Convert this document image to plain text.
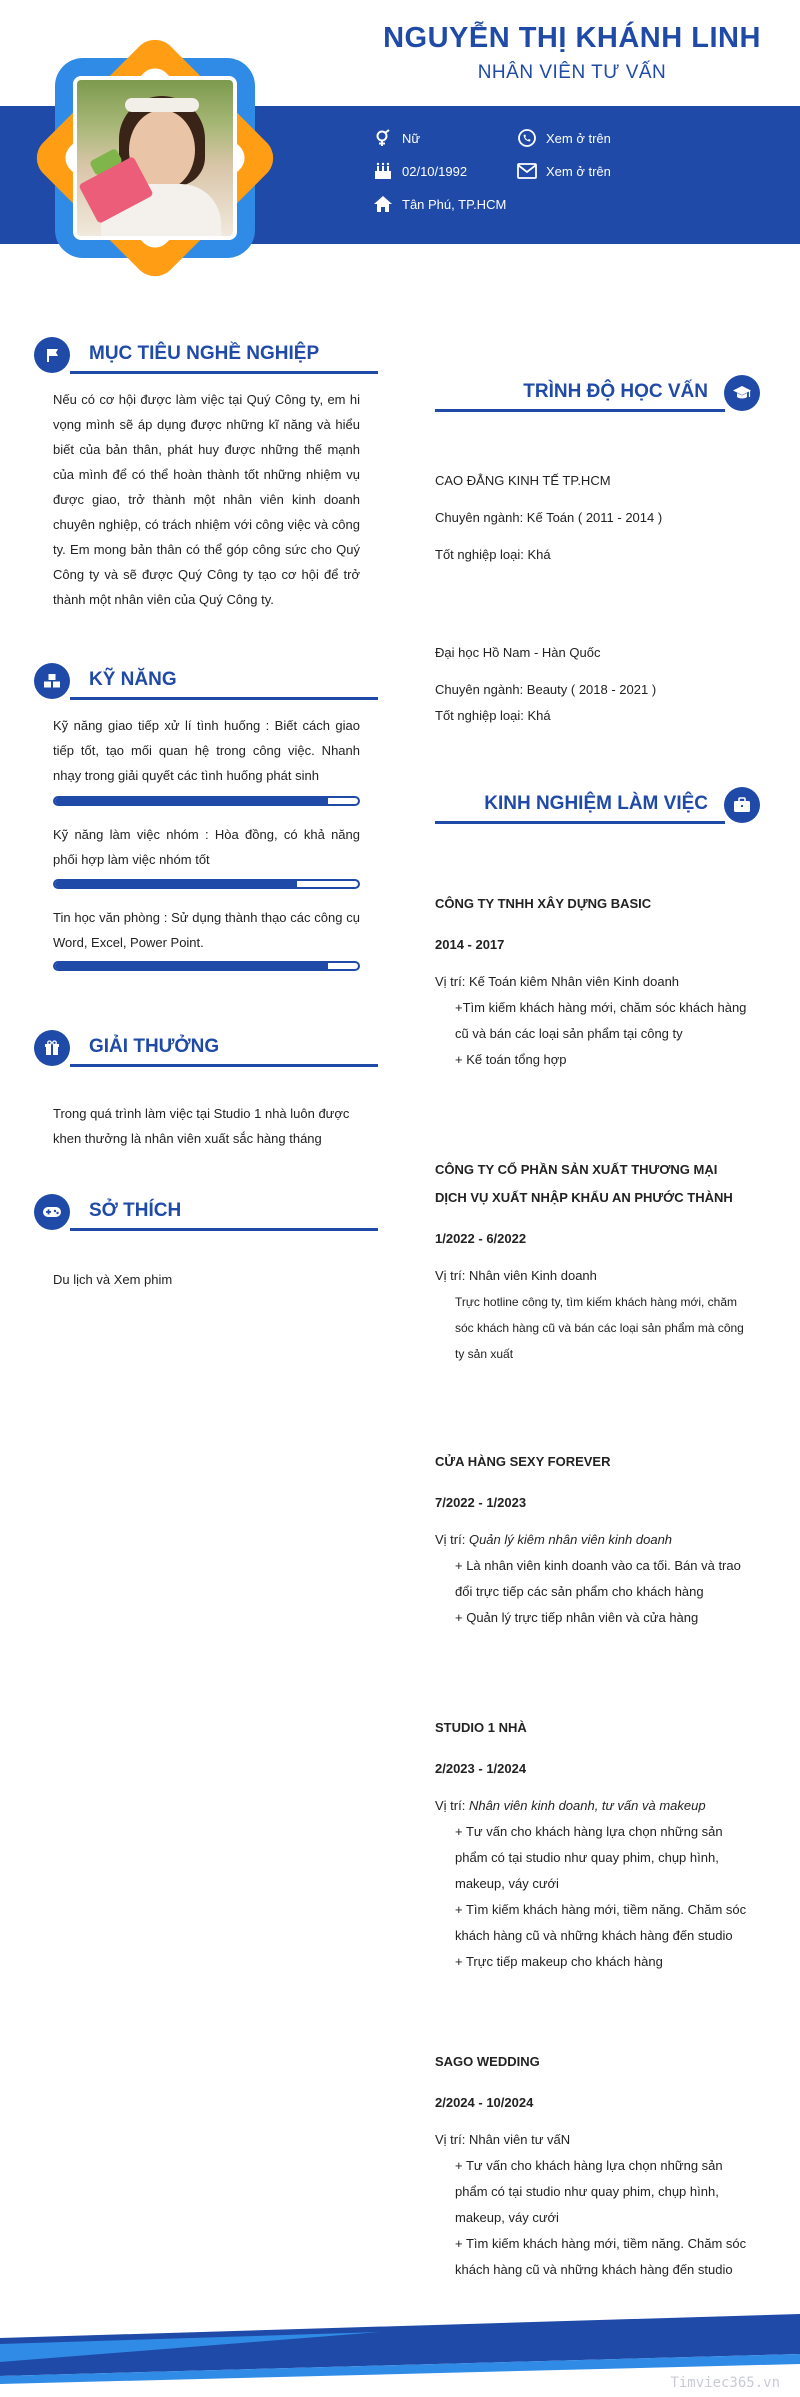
NGUYỄN THỊ KHÁNH LINH
NHÂN VIÊN TƯ VẤN
Nữ
02/10/1992
Tân Phú, TP.HCM
Xem ở trên
Xem ở trên
MỤC TIÊU NGHỀ NGHIỆP
Nếu có cơ hội được làm việc tại Quý Công ty, em hi vọng mình sẽ áp dụng được những kĩ năng và hiểu biết của bản thân, phát huy được những thế mạnh của mình để có thể hoàn thành tốt những nhiệm vụ được giao, trở thành một nhân viên kinh doanh chuyên nghiệp, có trách nhiệm với công việc và công ty. Em mong bản thân có thể góp công sức cho Quý Công ty và sẽ được Quý Công ty tạo cơ hội để trở thành một nhân viên của Quý Công ty.
KỸ NĂNG
Kỹ năng giao tiếp xử lí tình huống : Biết cách giao tiếp tốt, tạo mối quan hệ trong công việc. Nhanh nhạy trong giải quyết các tình huống phát sinh
Kỹ năng làm việc nhóm : Hòa đồng, có khả năng phối hợp làm việc nhóm tốt
Tin học văn phòng : Sử dụng thành thạo các công cụ Word, Excel, Power Point.
GIẢI THƯỞNG
Trong quá trình làm việc tại Studio 1 nhà luôn được khen thưởng là nhân viên xuất sắc hàng tháng
SỞ THÍCH
Du lịch và Xem phim
TRÌNH ĐỘ HỌC VẤN
CAO ĐẲNG KINH TẾ TP.HCM
Chuyên ngành: Kế Toán ( 2011 - 2014 )
Tốt nghiệp loại: Khá
Đại học Hồ Nam - Hàn Quốc
Chuyên ngành: Beauty ( 2018 - 2021 )
Tốt nghiệp loại: Khá
KINH NGHIỆM LÀM VIỆC
CÔNG TY TNHH XÂY DỰNG BASIC
2014 - 2017
Vị trí: Kế Toán kiêm Nhân viên Kinh doanh
+Tìm kiếm khách hàng mới, chăm sóc khách hàng
cũ và bán các loại sản phẩm tại công ty
+ Kế toán tổng hợp
CÔNG TY CỔ PHẦN SẢN XUẤT THƯƠNG MẠI
DỊCH VỤ XUẤT NHẬP KHẨU AN PHƯỚC THÀNH
1/2022 - 6/2022
Vị trí: Nhân viên Kinh doanh
Trực hotline công ty, tìm kiếm khách hàng mới, chăm
sóc khách hàng cũ và bán các loại sản phẩm mà công
ty sản xuất
CỬA HÀNG SEXY FOREVER
7/2022 - 1/2023
Vị trí: Quản lý kiêm nhân viên kinh doanh
+ Là nhân viên kinh doanh vào ca tối. Bán và trao
đổi trực tiếp các sản phẩm cho khách hàng
+ Quản lý trực tiếp nhân viên và cửa hàng
STUDIO 1 NHÀ
2/2023 - 1/2024
Vị trí: Nhân viên kinh doanh, tư vấn và makeup
+ Tư vấn cho khách hàng lựa chọn những sản
phẩm có tại studio như quay phim, chụp hình,
makeup, váy cưới
+ Tìm kiếm khách hàng mới, tiềm năng. Chăm sóc
khách hàng cũ và những khách hàng đến studio
+ Trực tiếp makeup cho khách hàng
SAGO WEDDING
2/2024 - 10/2024
Vị trí: Nhân viên tư vấN
+ Tư vấn cho khách hàng lựa chọn những sản
phẩm có tại studio như quay phim, chụp hình,
makeup, váy cưới
+ Tìm kiếm khách hàng mới, tiềm năng. Chăm sóc
khách hàng cũ và những khách hàng đến studio
Timviec365.vn
